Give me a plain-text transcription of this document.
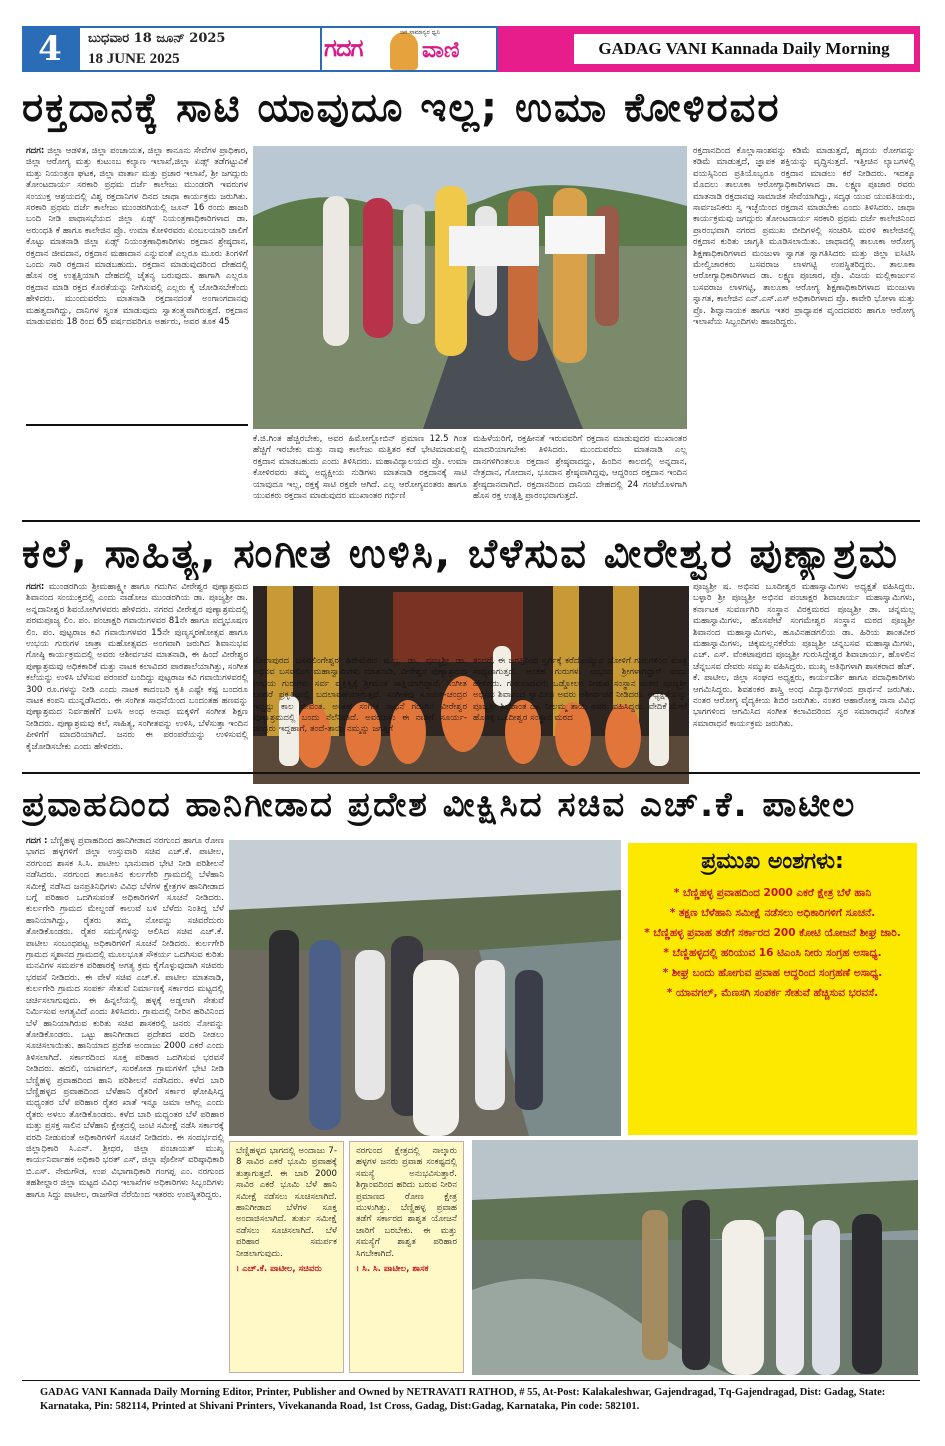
4	ಬುಧವಾರ 18 ಜೂನ್ 2025
18 JUNE 2025	ಗದಗ
ಜನ ಸಾಮಾನ್ಯರ ಧ್ವನಿ
ವಾಣಿ	GADAG VANI Kannada Daily Morning
ರಕ್ತದಾನಕ್ಕೆ ಸಾಟಿ ಯಾವುದೂ ಇಲ್ಲ; ಉಮಾ ಕೋಳಿರವರ
ಗದಗ: ಜಿಲ್ಲಾ ಆಡಳಿತ, ಜಿಲ್ಲಾ ಪಂಚಾಯತ, ಜಿಲ್ಲಾ ಕಾನೂನು ಸೇವೆಗಳ ಪ್ರಾಧಿಕಾರ, ಜಿಲ್ಲಾ ಆರೋಗ್ಯ ಮತ್ತು ಕುಟುಂಬ ಕಲ್ಯಾಣ ಇಲಾಖೆ,ಜಿಲ್ಲಾ ಏಡ್ಸ್ ತಡೆಗಟ್ಟುವಿಕೆ ಮತ್ತು ನಿಯಂತ್ರಣ ಘಟಕ, ಜಿಲ್ಲಾ ವಾರ್ತಾ ಮತ್ತು ಪ್ರಚಾರ ಇಲಾಖೆ, ಶ್ರೀ ಜಗದ್ಗುರು ತೋಂಟದಾರ್ಯ ಸರಕಾರಿ ಪ್ರಥಮ ದರ್ಜೆ ಕಾಲೇಜು ಮುಂಡರಗಿ ಇವರುಗಳ ಸಂಯುಕ್ತ ಆಶ್ರಯದಲ್ಲಿ ವಿಶ್ವ ರಕ್ತದಾನಿಗಳ ದಿನದ ಜಾಥಾ ಕಾರ್ಯಕ್ರಮ ಜರುಗಿತು. ಸರಕಾರಿ ಪ್ರಥಮ ದರ್ಜೆ ಕಾಲೇಜು ಮುಂಡರಗಿಯಲ್ಲಿ ಜೂನ್ 16 ರಂದು ಹಾಜರಿ ಬಂದಿ ನೀಡಿ ಪಾಥಾಸಭೆಯದ ಜಿಲ್ಲಾ ಏಡ್ಸ್ ನಿಯಂತ್ರಣಾಧಿಕಾರಿಗಳಾದ ಡಾ. ಅರುಂಧತಿ ಕೆ ಹಾಗೂ ಕಾಲೇಜಿನ ಪ್ರೊ. ಉಮಾ ಕೋಳಿರವರು ಏಂಬಲಯಾರಿ ಜಾಲಿಗೆ ಕೊಟ್ಟು ಮಾತನಾಡಿ ಜಿಲ್ಲಾ ಏಡ್ಸ್ ನಿಯಂತ್ರಣಾಧಿಕಾರಿಗಳು ರಕ್ತದಾನ ಶ್ರೇಷ್ಠದಾನ, ರಕ್ತದಾನ ಜೀವದಾನ, ರಕ್ತದಾನ ಮಹಾದಾನ ಎನ್ನುವಂತೆ ಎಲ್ಲರೂ ಮೂರು ತಿಂಗಳಿಗೆ ಒಂದು ಸಾರಿ ರಕ್ತದಾನ ಮಾಡಬಹುದು. ರಕ್ತದಾನ ಮಾಡುವುದರಿಂದ ದೇಹದಲ್ಲಿ ಹೊಸ ರಕ್ತ ಉತ್ಪತ್ತಿಯಾಗಿ ದೇಹದಲ್ಲಿ ಚೈತನ್ಯ ಬರುವುದು. ಹಾಗಾಗಿ ಎಲ್ಲರೂ ರಕ್ತದಾನ ಮಾಡಿ ರಕ್ತದ ಕೊರತೆಯನ್ನು ನೀಗಿಸುವಲ್ಲಿ ಎಲ್ಲರು ಕೈ ಜೋಡಿಸಬೇಕೆಂದು ಹೇಳಿದರು. ಮುಂದುವರೆದು ಮಾತನಾಡಿ ರಕ್ತದಾನದಂತೆ ಅಂಗಾಂಗದಾನವು ಮಹತ್ವದಾಗಿದ್ದು, ದಾನಿಗಳ ಸ್ವಂತ ಮಾಡುವುದು ಸ್ವಾತಂತ್ರ್ಯವಾಗಿರುತ್ತದೆ. ರಕ್ತದಾನ ಮಾಡುವವರು 18 ರಿಂದ 65 ವರ್ಷದವರಿಗೂ ಅರ್ಹರು, ಅವರ ತೂಕ 45
ಕೆ.ಜಿ.ಗಿಂತ ಹೆಚ್ಚಿರಬೇಕು, ಅವರ ಹಿಮೋಗ್ಲೋಬಿನ್ ಪ್ರಮಾಣ 12.5 ಗಿಂತ ಹೆಚ್ಚಿಗೆ ಇರಬೇಕು ಮತ್ತು ನಾವು ಕಾಲೇಜು ಮತ್ತಿತರ ಕಡೆ ಭೇಟಿಮಾಡುವಲ್ಲಿ ರಕ್ತದಾನ ಮಾಡಬಹುದು ಎಂದು ತಿಳಿಸಿದರು. ಮಹಾವಿದ್ಯಾಲಯದ ಪ್ರೊ. ಉಮಾ ಕೋಳಿರವರು ತಮ್ಮ ಅಧ್ಯಕ್ಷೀಯ ನುಡಿಗಳು ಮಾತನಾಡಿ ರಕ್ತದಾನಕ್ಕೆ ಸಾಟಿ ಯಾವುದೂ ಇಲ್ಲ, ರಕ್ತಕ್ಕೆ ಸಾಟಿ ರಕ್ತವೇ ಆಗಿದೆ. ಎಲ್ಲ ಆರೋಗ್ಯವಂತರು ಹಾಗೂ ಯುವಕರು ರಕ್ತದಾನ ಮಾಡುವುದರ ಮುಖಾಂತರ ಗರ್ಭಿಣಿ
ಮಹಿಳೆಯರಿಗೆ, ರಕ್ತಹೀನತೆ ಇರುವವರಿಗೆ ರಕ್ತದಾನ ಮಾಡುವುದರ ಮುಖಾಂತರ ಮಾದರಿಯಾಗಬೇಕು ತಿಳಿಸಿದರು. ಮುಂದುವರೆದು ಮಾತನಾಡಿ ಎಲ್ಲ ದಾನಗಳಿಗಿಂತಲೂ ರಕ್ತದಾನ ಶ್ರೇಷ್ಠವಾದದ್ದು, ಹಿಂದಿನ ಕಾಲದಲ್ಲಿ ಅನ್ನದಾನ, ನೇತ್ರದಾನ, ಗೋದಾನ, ಭೂದಾನ ಶ್ರೇಷ್ಠವಾಗಿದ್ದವು, ಆದ್ದರಿಂದ ರಕ್ತದಾನ ಇಂದಿನ ಶ್ರೇಷ್ಠದಾನವಾಗಿದೆ. ರಕ್ತದಾನದಿಂದ ದಾನಿಯ ದೇಹದಲ್ಲಿ 24 ಗಂಟೆಯೊಳಗಾಗಿ ಹೊಸ ರಕ್ತ ಉತ್ಪತ್ತಿ ಪ್ರಾರಂಭವಾಗುತ್ತದೆ.
ರಕ್ತದಾನದಿಂದ ಕೊಲ್ಲಾಸಾಂಶವನ್ನು ಕಡಿಮೆ ಮಾಡುತ್ತದೆ, ಹೃದಯ ರೋಗವನ್ನು ಕಡಿಮೆ ಮಾಡುತ್ತದೆ, ಜ್ಞಾಪಕ ಶಕ್ತಿಯನ್ನು ವೃದ್ಧಿಸುತ್ತದೆ. ಇತ್ತೀಚಿನ ಲ್ಯಾಬಗಳಲ್ಲಿ ವಯಸ್ಸಿನಿಂದ ಪ್ರತಿಯೊಬ್ಬರೂ ರಕ್ತದಾನ ಮಾಡಲು ಕರೆ ನೀಡಿದರು. ಇದಕ್ಕೂ ಮೊದಲು ತಾಲೂಕಾ ಆರೋಗ್ಯಾಧಿಕಾರಿಗಳಾದ ಡಾ. ಲಕ್ಷ್ಮಣ ಪೂಜಾರ ರವರು ಮಾತನಾಡಿ ರಕ್ತದಾನವು ಸಾಮಾಜಿಕ ಸೇವೆಯಾಗಿದ್ದು, ಸದೃಢ ಯುವ ಯುವತಿಯರು, ಸಾರ್ವಜನಿಕರು ಸ್ವ ಇಚ್ಛೆಯಿಂದ ರಕ್ತದಾನ ಮಾಡಬೇಕು ಎಂದು ತಿಳಿಸಿದರು. ಜಾಥಾ ಕಾರ್ಯಕ್ರಮವು ಜಗದ್ಗುರು ತೋಂಟದಾರ್ಯ ಸರಕಾರಿ ಪ್ರಥಮ ದರ್ಜೆ ಕಾಲೇಜಿನಿಂದ ಪ್ರಾರಂಭವಾಗಿ ನಗರದ ಪ್ರಮುಖ ಬೀದಿಗಳಲ್ಲಿ ಸಂಚರಿಸಿ ಮರಳಿ ಕಾಲೇಜಿನಲ್ಲಿ ರಕ್ತದಾನ ಕುರಿತು ಜಾಗೃತಿ ಮೂಡಿಸಲಾಯಿತು. ಜಾಥಾದಲ್ಲಿ ತಾಲೂಕಾ ಆರೋಗ್ಯ ಶಿಕ್ಷಣಾಧಿಕಾರಿಗಳಾದ ಮಂಜುಳಾ ಸ್ವಾಗತ ಸ್ವಾಗತಿಸಿದರು ಮತ್ತು ಜಿಲ್ಲಾ ಐಸಿಟಿಸಿ ಮೇಲ್ವಿಚಾರಕರು ಬಸವರಾಜ ಲಾಳಗಟ್ಟಿ ಉಪಸ್ಥಿತರಿದ್ದರು. ತಾಲೂಕಾ ಆರೋಗ್ಯಾಧಿಕಾರಿಗಳಾದ ಡಾ. ಲಕ್ಷ್ಮಣ ಪೂಜಾರ, ಪ್ರೊ. ವಿಜಯ ಮಲ್ಲಿಕಾರ್ಜುನ ಬಸವರಾಜ ಲಾಳಗಟ್ಟಿ, ತಾಲೂಕಾ ಆರೋಗ್ಯ ಶಿಕ್ಷಣಾಧಿಕಾರಿಗಳಾದ ಮಂಜುಳಾ ಸ್ವಾಗತ, ಕಾಲೇಜಿನ ಎನ್.ಎಸ್.ಎಸ್ ಅಧಿಕಾರಿಗಳಾದ ಪ್ರೊ. ಕಾವೇರಿ ಭೋಳಾ ಮತ್ತು ಪ್ರೊ. ಶಿವ್ವಾನಾಯಕ ಹಾಗೂ ಇತರ ಪ್ರಾಧ್ಯಾಪಕ ವೃಂದದವರು ಹಾಗೂ ಆರೋಗ್ಯ ಇಲಾಖೆಯ ಸಿಬ್ಬಂದಿಗಳು ಹಾಜರಿದ್ದರು.
ಕಲೆ, ಸಾಹಿತ್ಯ, ಸಂಗೀತ ಉಳಿಸಿ, ಬೆಳೆಸುವ ವೀರೇಶ್ವರ ಪುಣ್ಯಾಶ್ರಮ
ಗದಗ: ಮುಂಡರಗಿಯ ಶ್ರೀಮಹಾಕ್ಷ್ಮೀ ಹಾಗೂ ಗದುಗಿನ ವೀರೇಶ್ವರ ಪುಣ್ಯಾಶ್ರಮದ ಶಿವಾನಂದ ಸಂಯುಕ್ತದಲ್ಲಿ ಎಂದು ನಾಡೋಜ ಮುಂಡರಗಿಯ ಡಾ. ಪೂಜ್ಯಶ್ರೀ ಡಾ. ಅನ್ನದಾನೀಶ್ವರ ಶಿವಯೋಗಿಗಳವರು ಹೇಳಿದರು. ನಗರದ ವೀರೇಶ್ವರ ಪುಣ್ಯಾಶ್ರಮದಲ್ಲಿ ಪರಮಪೂಜ್ಯ ಲಿಂ. ಪಂ. ಪಂಚಾಕ್ಷರಿ ಗವಾಯಿಗಳವರ 81ನೇ ಹಾಗೂ ಪದ್ಮಭೂಷಣ ಲಿಂ. ಪಂ. ಪುಟ್ಟರಾಜ ಕವಿ ಗವಾಯಿಗಳವರ 15ನೇ ಪುಣ್ಯಸ್ಮರಣೋತ್ಸವ ಹಾಗೂ ಉಭಯ ಗುರುಗಳ ಜಾತ್ರಾ ಮಹೋತ್ಸವದ ಅಂಗವಾಗಿ ಜರುಗಿದ ಶಿವಾನುಭವ ಗೋಷ್ಠಿ ಕಾರ್ಯಕ್ರಮದಲ್ಲಿ ಅವರು ಆಶೀರ್ವಚನ ಮಾತನಾಡಿ, ಈ ಹಿಂದೆ ವೀರೇಶ್ವರ ಪುಣ್ಯಾಶ್ರಮವು ಅಧಿಕಕಾರಿಕೆ ಮತ್ತು ನಾಟಕ ಕಲಾವಿದರ ಪಾಠಶಾಲೆಯಾಗಿತ್ತು, ಸಂಗೀತ ಕಲೆಯನ್ನು ಉಳಿಸಿ ಬೆಳೆಸುವ ಪರಂಪರೆ ಬಂದಿದ್ದು ಪುಟ್ಟರಾಜ ಕವಿ ಗವಾಯಿಗಳವರಲ್ಲಿ 300 ರೂ.ಗಳನ್ನು ನೀಡಿ ಎಂದು ನಾಟಕ ಕಾದಂಬರಿ ಕೃತಿ ಎಷ್ಟೇ ಕಷ್ಟ ಬಂದರೂ ನಾಟಕ ಕಂಪನಿ ಮುನ್ನಡೆಸಿದರು. ಈ ಸಂಗೀತ ಸಾಧನೆಯಿಂದ ಬಂದಂತಹ ಹಣವನ್ನು ಪುಣ್ಯಾಶ್ರಮದ ನಿರ್ವಹಣೆಗೆ ಬಳಸಿ ಅಂಧ ಅನಾಥ ಮಕ್ಕಳಿಗೆ ಸಂಗೀತ ಶಿಕ್ಷಣ ನೀಡಿದರು. ಪುಣ್ಯಾಶ್ರಮವು ಕಲೆ, ಸಾಹಿತ್ಯ, ಸಂಗೀತವನ್ನು ಉಳಿಸಿ, ಬೆಳೆಸುತ್ತಾ ಇಂದಿನ ಪೀಳಿಗೆಗೆ ಮಾದರಿಯಾಗಿದೆ. ಜನರು ಈ ಪರಂಪರೆಯನ್ನು ಉಳಿಸುವಲ್ಲಿ ಕೈಜೋಡಿಸಬೇಕು ಎಂದು ಹೇಳಿದರು.
ಸೊಲಾಪುರದ ಬಸವಲಿಂಗೇಶ್ವರ ಹಿರೇಮಠದ ಷ.ಬ್ರ. ಡಾ. ಪೂಜ್ಯಶ್ರೀ ಡಾ. ಅಭಿನವ ಬಸವಲಿಂಗ ಮಹಾಸ್ವಾಮಿಗಳು ಮಾತನಾಡಿ, ವೀರೇಶ್ವರ ಪುಣ್ಯಾಶ್ರಮದ ಉಭಯ ಗುರುಗಳು ಸರ್ವ ವ್ಯಕ್ತಿತ್ವಕ್ಕೆ ಶ್ರೀಮಂತ ಸಾಕ್ಷಿಯಾಗಿದ್ದಾರೆ. ಸಂಗೀತ ಬಂದರೆ ಪ್ರಕೃತಿಯಲ್ಲಿ ಬದಲಾವಣೆಯಾಗುತ್ತದೆ. ಸಂಗೀತವು ಸೂರ್ಯ-ಚಂದ್ರರ ಇದ್ದಷ್ಟು ಕಾಲ ಜೀವಂತ. ಅಂತಹ ಸಂಗೀತ ಸಾಧನೆ ಗದುಗಿನ ವೀರೇಶ್ವರ ಪುಣ್ಯಾಶ್ರಮದಲ್ಲಿ ಬಂದು ನೆಲೆನಿಂತಿದೆ. ಅವರುಗಳು ಈ ನಾಡಿಗೆ ಸೂರ್ಯ-ಚಂದ್ರರು ಇದ್ದಹಾಗೆ, ತಂದೆ-ತಾಯಿ ನಮ್ಮನ್ನು ಜಗತ್ತಿಗೆ
ತಂದರೆ, ಈ ಜಗತ್ತಿನಿಂದ ಸ್ವರ್ಗಕ್ಕೆ ಕರೆದೊಯ್ಯುವ ಜೋಳಿಗೆ ಗುರುಗಳಿಂದ ಮಾತ್ರ ಸಾಧ್ಯವಾಗುತ್ತದೆ. ಅಂತಹ ಗುರುಗಳು ಉಭಯ ಶ್ರೀಗಳಾಗಿದ್ದಾರೆ ಎಂದು ಹೇಳಿದರು. ಗುರುವಾದವರು ಒಡ್ಡೋಲಗ ನೀಡುವ ಸಂಸ್ಥಾನ ಮಠದ ಪೂಜ್ಯಶ್ರೀ ಅಭಿನವ ಶಿವಾನಂದ ಸ್ವಾಮೀಜಿ ಅವರು ಆಶೀರ್ವಚನ ನೀಡಿದರು. ಅಧ್ಯಕ್ಷತೆಯನ್ನು ಪೂಜ್ಯಶ್ರೀ ಶಿವಶಾಂತ ಡಾ. ನೀಲಮ್ಮ ತಾಯಿ ಅವರು ವಹಿಸಿದ್ದರು. ವೇದಿಕೆ ಮೇಲೆ ಹೊಸಳ್ಳಿ ಬೂದೀಶ್ವರ ಸಂಸ್ಥಾನ ಮಠದ
ಪೂಜ್ಯಶ್ರೀ ಷ. ಅಭಿನವ ಬೂದೀಶ್ವರ ಮಹಾಸ್ವಾಮಿಗಳು ಅಧ್ಯಕ್ಷತೆ ವಹಿಸಿದ್ದರು. ಬಳ್ಳಾರಿ ಶ್ರೀ ಪೂಜ್ಯಶ್ರೀ ಅಭಿನವ ಪಂಚಾಕ್ಷರ ಶಿವಾಚಾರ್ಯ ಮಹಾಸ್ವಾಮಿಗಳು, ಕರ್ನಾಟಕ ಸುವರ್ಣಗಿರಿ ಸಂಸ್ಥಾನ ವಿರಕ್ತಮಠದ ಪೂಜ್ಯಶ್ರೀ ಡಾ. ಚನ್ನಮಲ್ಲ ಮಹಾಸ್ವಾಮಿಗಳು, ಹೊಸಪೇಟೆ ಸಂಗಮೇಶ್ವರ ಸಂಸ್ಥಾನ ಮಠದ ಪೂಜ್ಯಶ್ರೀ ಶಿವಾನಂದ ಮಹಾಸ್ವಾಮಿಗಳು, ಹೂವಿನಹಡಗಲಿಯ ಡಾ. ಹಿರಿಯ ಶಾಂತವೀರ ಮಹಾಸ್ವಾಮಿಗಳು, ಚಿಕ್ಕಮಲ್ಲನಕೆರೆಯ ಪೂಜ್ಯಶ್ರೀ ಚನ್ನಬಸವ ಮಹಾಸ್ವಾಮಿಗಳು, ಎಚ್. ಎಸ್. ವೆಂಕಟಾಪುರದ ಪೂಜ್ಯಶ್ರೀ ಗುರುಸಿದ್ದೇಶ್ವರ ಶಿವಾಚಾರ್ಯ, ಹೊಳಲಿನ ಚೆನ್ನಬಸವ ದೇವರು ಸಮ್ಮುಖ ವಹಿಸಿದ್ದರು. ಮುಖ್ಯ ಅತಿಥಿಗಳಾಗಿ ಶಾಸಕರಾದ ಹೆಚ್. ಕೆ. ಪಾಟೀಲ, ಜಿಲ್ಲಾ ಸಂಘದ ಅಧ್ಯಕ್ಷರು, ಕಾರ್ಯದರ್ಶಿ ಹಾಗೂ ಪದಾಧಿಕಾರಿಗಳು ಆಗಮಿಸಿದ್ದರು. ಶಿವಶಂಕರ ಶಾಸ್ತ್ರಿ ಅಂಧ ವಿದ್ಯಾರ್ಥಿಗಳಿಂದ ಪ್ರಾರ್ಥನೆ ಜರುಗಿತು. ನಂತರ ಆರೋಗ್ಯ ವೈದ್ಯಕೀಯ ಶಿಬಿರ ಜರುಗಿತು. ನಂತರ ಆಹಾರೋತ್ತ ನಾನಾ ವಿವಿಧ ಭಾಗಗಳಿಂದ ಆಗಮಿಸಿದ ಸಂಗೀತ ಕಲಾವಿದರಿಂದ ಸ್ವರ ಸಮಾರಾಧನೆ ಸಂಗೀತ ಸಮಾರಾಧನೆ ಕಾರ್ಯಕ್ರಮ ಜರುಗಿತು.
ಪ್ರವಾಹದಿಂದ ಹಾನಿಗೀಡಾದ ಪ್ರದೇಶ ವೀಕ್ಷಿಸಿದ ಸಚಿವ ಎಚ್.ಕೆ. ಪಾಟೀಲ
ಗದಗ : ಬೆಣ್ಣಿಹಳ್ಳ ಪ್ರವಾಹದಿಂದ ಹಾನಿಗೀಡಾದ ನರಗುಂದ ಹಾಗೂ ರೋಣ ಭಾಗದ ಹಳ್ಳಗಳಿಗೆ ಜಿಲ್ಲಾ ಉಸ್ತುವಾರಿ ಸಚಿವ ಎಚ್.ಕೆ. ಪಾಟೀಲ, ನರಗುಂದ ಶಾಸಕ ಸಿ.ಸಿ. ಪಾಟೀಲ ಭಾನುವಾರ ಭೇಟಿ ನೀಡಿ ಪರಿಶೀಲನೆ ನಡೆಸಿದರು. ನರಗುಂದ ತಾಲೂಕಿನ ಕುರ್ಲಗೇರಿ ಗ್ರಾಮದಲ್ಲಿ ಬೆಳೆಹಾನಿ ಸಮೀಕ್ಷೆ ನಡೆಸಿದ ಜನಪ್ರತಿನಿಧಿಗಳು ವಿವಿಧ ಬೆಳೆಗಳ ಕ್ಷೇತ್ರಗಳ ಹಾನಿಗೀಡಾದ ಬಗ್ಗೆ ಪರಿಹಾರ ಒದಗಿಸುವಂತೆ ಅಧಿಕಾರಿಗಳಿಗೆ ಸೂಚನೆ ನೀಡಿದರು. ಕುರ್ಲಗೇರಿ ಗ್ರಾಮದ ಮೇಲ್ದಂಡೆ ಕಾಲುವೆ ಬಳಿ ಬೆಳೆದು ನಿಂತಿದ್ದ ಬೆಳೆ ಹಾನಿಯಾಗಿದ್ದು, ರೈತರು ತಮ್ಮ ನೋವನ್ನು ಸಚಿವರೆದುರು ತೋಡಿಕೊಂಡರು. ರೈತರ ಸಮಸ್ಯೆಗಳನ್ನು ಆಲಿಸಿದ ಸಚಿವ ಎಚ್.ಕೆ. ಪಾಟೀಲ ಸಂಬಂಧಪಟ್ಟ ಅಧಿಕಾರಿಗಳಿಗೆ ಸೂಚನೆ ನೀಡಿದರು. ಕುರ್ಲಗೇರಿ ಗ್ರಾಮದ ಸ್ಮಶಾನದ ಗ್ರಾಮದಲ್ಲಿ ಮೂಲಭೂತ ಸೌಕರ್ಯ ಒದಗಿಸುವ ಕುರಿತು ಮನವಿಗಳ ಸಮರ್ಪಕ ಪರಿಹಾರಕ್ಕೆ ಅಗತ್ಯ ಕ್ರಮ ಕೈಗೊಳ್ಳುವುದಾಗಿ ಸಚಿವರು ಭರವಸೆ ನೀಡಿದರು. ಈ ವೇಳೆ ಸಚಿವ ಎಚ್.ಕೆ. ಪಾಟೀಲ ಮಾತನಾಡಿ, ಕುರ್ಲಗೇರಿ ಗ್ರಾಮದ ಸಂಪರ್ಕ ಸೇತುವೆ ನಿರ್ಮಾಣಕ್ಕೆ ಸರ್ಕಾರದ ಮಟ್ಟದಲ್ಲಿ ಚರ್ಚಿಸಲಾಗುವುದು. ಈ ಹಿನ್ನಲೆಯಲ್ಲಿ ಹಳ್ಳಕ್ಕೆ ಅಡ್ಡಲಾಗಿ ಸೇತುವೆ ನಿರ್ಮಿಸುವ ಅಗತ್ಯವಿದೆ ಎಂದು ತಿಳಿಸಿದರು. ಗ್ರಾಮದಲ್ಲಿ ನೀರಿನ ಹರಿವಿನಿಂದ ಬೆಳೆ ಹಾನಿಯಾಗಿರುವ ಕುರಿತು ಸಚಿವ ಶಾಸಕರಲ್ಲಿ ಜನರು ನೋವನ್ನು ತೋಡಿಕೊಂಡರು. ಒಟ್ಟು ಹಾನಿಗೀಡಾದ ಪ್ರದೇಶದ ವರದಿ ನೀಡಲು ಸೂಚಿಸಲಾಯಿತು. ಹಾನಿಯಾದ ಪ್ರದೇಶ ಅಂದಾಜು 2000 ಎಕರೆ ಎಂದು ತಿಳಿಸಲಾಗಿದೆ. ಸರ್ಕಾರದಿಂದ ಸೂಕ್ತ ಪರಿಹಾರ ಒದಗಿಸುವ ಭರವಸೆ ನೀಡಿದರು. ಹದಲಿ, ಯಾವಗಲ್, ಸುರಕೋಡ ಗ್ರಾಮಗಳಿಗೆ ಭೇಟಿ ನೀಡಿ ಬೆಣ್ಣಿಹಳ್ಳ ಪ್ರವಾಹದಿಂದ ಹಾನಿ ಪರಿಶೀಲನೆ ನಡೆಸಿದರು. ಕಳೆದ ಬಾರಿ ಬೆಣ್ಣಿಹಳ್ಳದ ಪ್ರವಾಹದಿಂದ ಬೆಳೆಹಾನಿ ರೈತರಿಗೆ ಸರ್ಕಾರ ಘೋಷಿಸಿದ್ದ ಮಧ್ಯಂತರ ಬೆಳೆ ಪರಿಹಾರ ರೈತರ ಖಾತೆ ಇನ್ನೂ ಜಮಾ ಆಗಿಲ್ಲ ಎಂದು ರೈತರು ಅಳಲು ತೋಡಿಕೊಂಡರು. ಕಳೆದ ಬಾರಿ ಮಧ್ಯಂತರ ಬೆಳೆ ಪರಿಹಾರ ಮತ್ತು ಪ್ರಸಕ್ತ ಸಾಲಿನ ಬೆಳೆಹಾನಿ ಕ್ಷೇತ್ರದಲ್ಲಿ ಜಂಟಿ ಸಮೀಕ್ಷೆ ನಡೆಸಿ ಸರ್ಕಾರಕ್ಕೆ ವರದಿ ನೀಡುವಂತೆ ಅಧಿಕಾರಿಗಳಿಗೆ ಸೂಚನೆ ನೀಡಿದರು. ಈ ಸಂದರ್ಭದಲ್ಲಿ ಜಿಲ್ಲಾಧಿಕಾರಿ ಸಿ.ಎನ್. ಶ್ರೀಧರ, ಜಿಲ್ಲಾ ಪಂಚಾಯತ್ ಮುಖ್ಯ ಕಾರ್ಯನಿರ್ವಾಹಕ ಅಧಿಕಾರಿ ಭರತ್ ಎಸ್, ಜಿಲ್ಲಾ ಪೊಲೀಸ್ ವರಿಷ್ಠಾಧಿಕಾರಿ ಬಿ.ಎಸ್. ನೇಮಗೌಡ, ಉಪ ವಿಭಾಗಾಧಿಕಾರಿ ಗಂಗಪ್ಪ ಎಂ. ನರಗುಂದ ತಹಶೀಲ್ದಾರ ಜಿಲ್ಲಾ ಮಟ್ಟದ ವಿವಿಧ ಇಲಾಖೆಗಳ ಅಧಿಕಾರಿಗಳು ಸಿಬ್ಬಂದಿಗಳು ಹಾಗೂ ಸಿದ್ದು ಪಾಟೀಲ, ರಾಜಗೌಡ ನೆರೆಯಿಂದ ಇತರರು ಉಪಸ್ಥಿತರಿದ್ದರು.
ಪ್ರಮುಖ ಅಂಶಗಳು:
* ಬೆಣ್ಣಿಹಳ್ಳ ಪ್ರವಾಹದಿಂದ 2000 ಎಕರೆ ಕ್ಷೇತ್ರ ಬೆಳೆ ಹಾನಿ
* ತಕ್ಷಣ ಬೆಳೆಹಾನಿ ಸಮೀಕ್ಷೆ ನಡೆಸಲು ಅಧಿಕಾರಿಗಳಿಗೆ ಸೂಚನೆ.
* ಬೆಣ್ಣಿಹಳ್ಳ ಪ್ರವಾಹ ತಡೆಗೆ ಸರ್ಕಾರದ 200 ಕೋಟಿ ಯೋಜನೆ ಶೀಘ್ರ ಜಾರಿ.
* ಬೆಣ್ಣಿಹಳ್ಳದಲ್ಲಿ ಹರಿಯುವ 16 ಟಿಎಂಸಿ ನೀರು ಸಂಗ್ರಹ ಅಸಾಧ್ಯ.
* ಶೀಘ್ರ ಬಂದು ಹೋಗುವ ಪ್ರವಾಹ ಆದ್ದರಿಂದ ಸಂಗ್ರಹಣೆ ಅಸಾಧ್ಯ.
* ಯಾವಗಲ್, ಮೆಣಸಗಿ ಸಂಪರ್ಕ ಸೇತುವೆ ಹೆಚ್ಚಿಸುವ ಭರವಸೆ.
ಬೆಣ್ಣಿಹಳ್ಳದ ಭಾಗದಲ್ಲಿ ಅಂದಾಜು 7-8 ಸಾವಿರ ಎಕರೆ ಭೂಮಿ ಪ್ರವಾಹಕ್ಕೆ ತುತ್ತಾಗುತ್ತದೆ. ಈ ಬಾರಿ 2000 ಸಾವಿರ ಎಕರೆ ಭೂಮಿ ಬೆಳೆ ಹಾನಿ ಸಮೀಕ್ಷೆ ನಡೆಸಲು ಸೂಚಿಸಲಾಗಿದೆ. ಹಾನಿಗೀಡಾದ ಬೆಳೆಗಳ ಸೂಕ್ತ ಅಂದಾಜಿಸಲಾಗಿದೆ. ತುರ್ತು ಸಮೀಕ್ಷೆ ನಡೆಸಲು ಸೂಚಿಸಲಾಗಿದೆ. ಬೆಳೆ ಪರಿಹಾರ ಸಮರ್ಪಕ ನೀಡಲಾಗುವುದು.
। ಎಚ್.ಕೆ. ಪಾಟೀಲ, ಸಚಿವರು
ನರಗುಂದ ಕ್ಷೇತ್ರದಲ್ಲಿ ನಾಲ್ಕಾರು ಹಳ್ಳಗಳ ಜನರು ಪ್ರವಾಹ ಸಂಕಷ್ಟದಲ್ಲಿ ಸಮಸ್ಯೆ ಅನುಭವಿಸುತ್ತಾರೆ. ಶಿಗ್ಗಾಂವದಿಂದ ಹರಿದು ಬರುವ ನೀರಿನ ಪ್ರಮಾಣದ ರೋಣ ಕ್ಷೇತ್ರ ಮುಳುಗಿತ್ತು. ಬೆಣ್ಣಿಹಳ್ಳ ಪ್ರವಾಹ ತಡೆಗೆ ಸರ್ಕಾರದ ಶಾಶ್ವತ ಯೋಜನೆ ಜಾರಿಗೆ ಬರಬೇಕು. ಈ ಮತ್ತು ಸಮಸ್ಯೆಗೆ ಶಾಶ್ವತ ಪರಿಹಾರ ಸಿಗಬೇಕಾಗಿದೆ.
। ಸಿ. ಸಿ. ಪಾಟೀಲ, ಶಾಸಕ
GADAG VANI Kannada Daily Morning Editor, Printer, Publisher and Owned by NETRAVATI RATHOD, # 55, At-Post: Kalakaleshwar, Gajendragad, Tq-Gajendragad, Dist: Gadag, State: Karnataka, Pin: 582114, Printed at Shivani Printers, Vivekananda Road, 1st Cross, Gadag, Dist:Gadag, Karnataka, Pin code: 582101.
